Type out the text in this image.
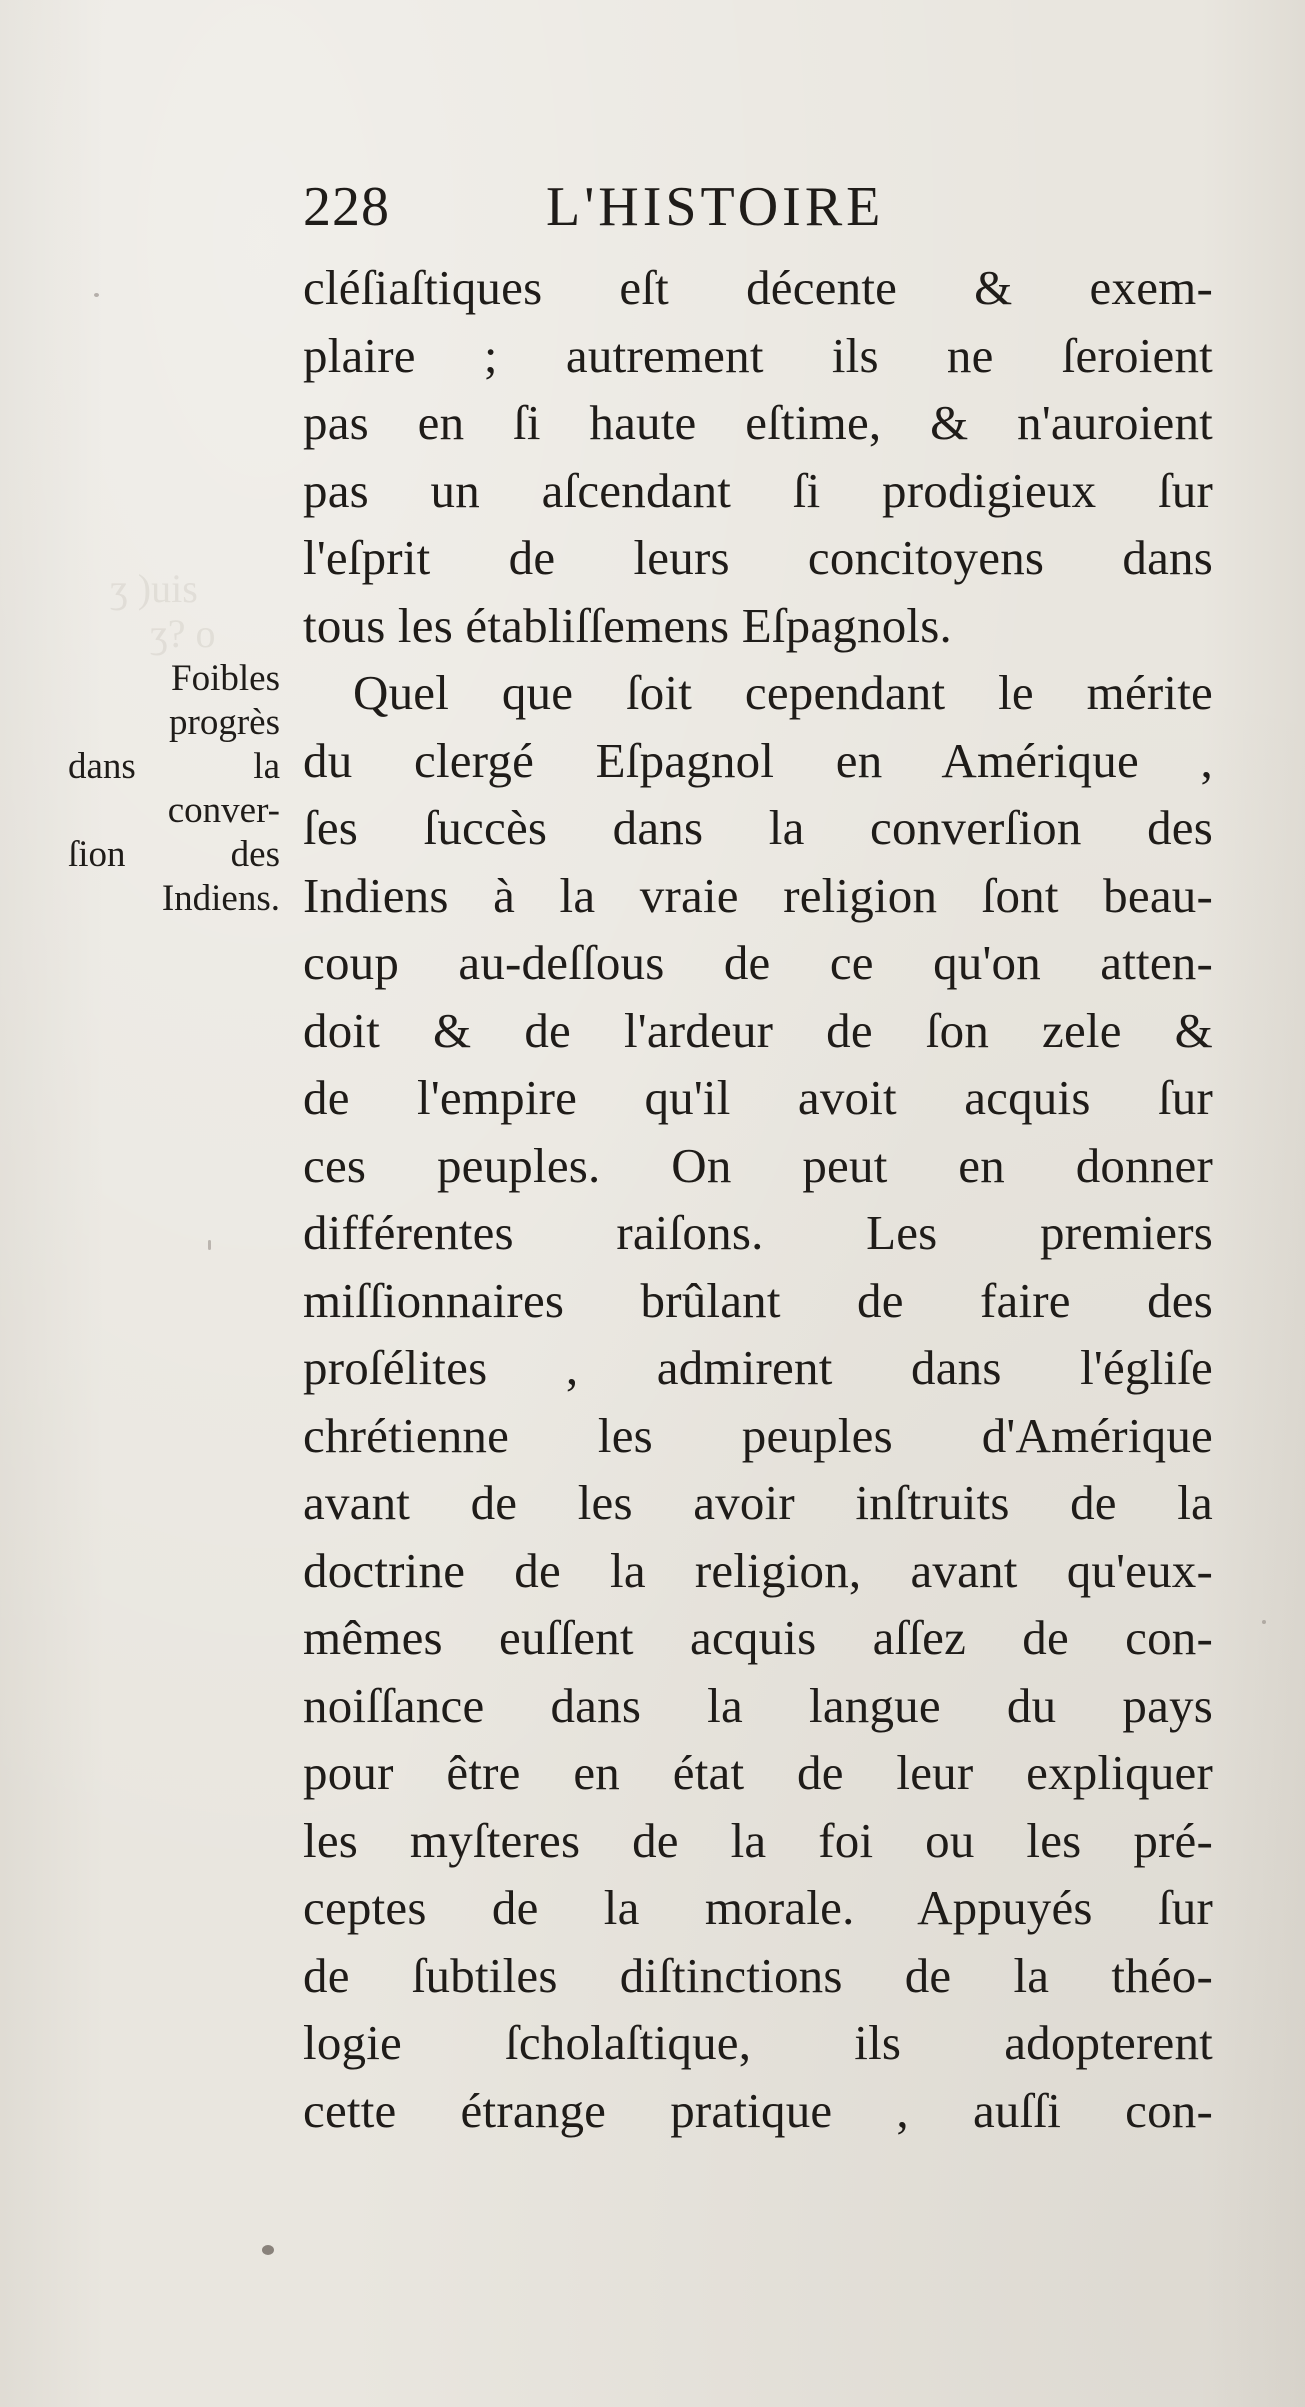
ʒ )uis
ʒ? o
228	L'HISTOIRE
Foibles
progrès
dans la
conver-
ſion des
Indiens.
cléſiaſtiques eſt décente & exem-
plaire ; autrement ils ne ſeroient
pas en ſi haute eſtime, & n'auroient
pas un aſcendant ſi prodigieux ſur
l'eſprit de leurs concitoyens dans
tous les établiſſemens Eſpagnols.
Quel que ſoit cependant le mérite
du clergé Eſpagnol en Amérique ,
ſes ſuccès dans la converſion des
Indiens à la vraie religion ſont beau-
coup au-deſſous de ce qu'on atten-
doit & de l'ardeur de ſon zele &
de l'empire qu'il avoit acquis ſur
ces peuples. On peut en donner
différentes raiſons. Les premiers
miſſionnaires brûlant de faire des
proſélites , admirent dans l'égliſe
chrétienne les peuples d'Amérique
avant de les avoir inſtruits de la
doctrine de la religion, avant qu'eux-
mêmes euſſent acquis aſſez de con-
noiſſance dans la langue du pays
pour être en état de leur expliquer
les myſteres de la foi ou les pré-
ceptes de la morale. Appuyés ſur
de ſubtiles diſtinctions de la théo-
logie ſcholaſtique, ils adopterent
cette étrange pratique , auſſi con-
